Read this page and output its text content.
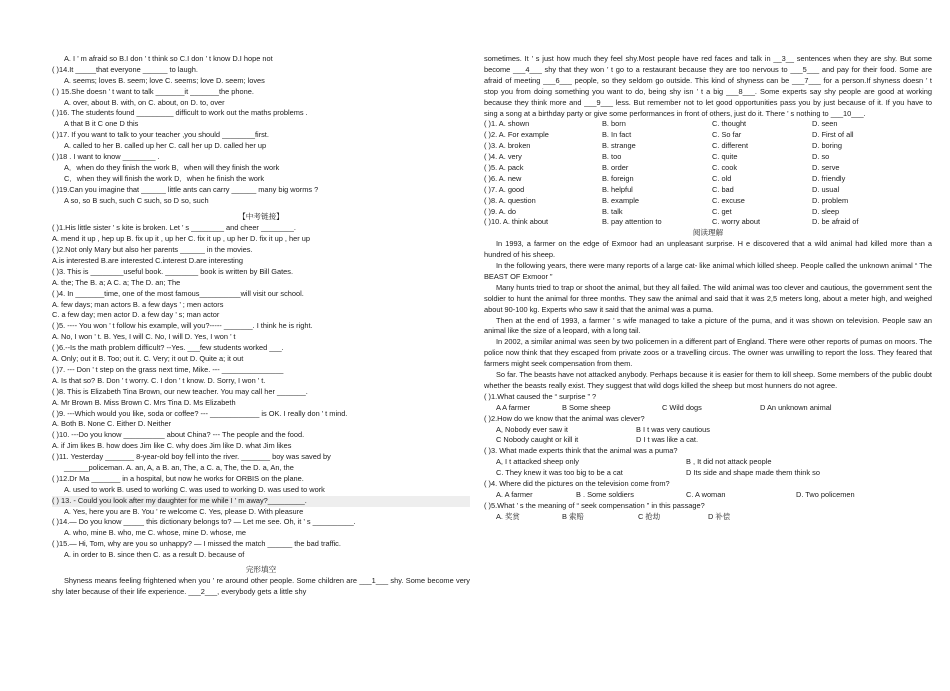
A. I ’ m afraid so B.I don ’ t think so C.I don ’ t know D.I hope not
( )14.It _____that everyone ______ to laugh.
A. seems; loves B. seem; love C. seems; love D. seem; loves
( ) 15.She doesn ’ t want to talk _______it _______the phone.
A. over, about B. with, on C. about, on D. to, over
( )16. The students found _________ difficult to work out the maths problems .
A that B it C one D this
( )17. If you want to talk to your teacher ,you should ________first.
A. called to her B. called up her C. call her up D. called her up
( )18 . I want to know ________ .
A．when do they finish the work B．when will they finish the work
C．when they will finish the work D．when he finish the work
( )19.Can you imagine that ______ little ants can carry ______ many big worms ?
A so, so B such, such C such, so D so, such
【中考链接】
( )1.His little sister ’ s kite is broken. Let ’ s ________ and cheer ________.
A. mend it up , hep up B. fix up it , up her C. fix it up , up her D. fix it up , her up
( )2.Not only Mary but also her parents ______ in the movies.
A.is interested B.are interested C.interest D.are interesting
( )3. This is ________useful book. ________ book is written by Bill Gates.
A. the; The B. a; A C. a; The D. an; The
( )4. In _______time, one of the most famous__________will visit our school.
A. few days; man actors B. a few days ’ ; men actors
C. a few day; men actor D. a few day ’ s; man actor
( )5. ---- You won ’ t follow his example, will you?----- _______. I think he is right.
A. No, I won ’ t. B. Yes, I will C. No, I will D. Yes, I won ’ t
( )6.--Is the math problem difficult? --Yes. ___few students worked ___.
A. Only; out it B. Too; out it. C. Very; it out D. Quite a; it out
( )7. --- Don ’ t step on the grass next time, Mike. --- _______________
A. Is that so? B. Don ’ t worry. C. I don ’ t know. D. Sorry, I won ’ t.
( )8. This is Elizabeth Tina Brown, our new teacher. You may call her _______.
A. Mr Brown B. Miss Brown C. Mrs Tina D. Ms Elizabeth
( )9. ---Which would you like, soda or coffee? --- ____________ is OK. I really don ’ t mind.
A. Both B. None C. Either D. Neither
( )10. ---Do you know __________ about China? --- The people and the food.
A. if Jim likes B. how does Jim like C. why does Jim like D. what Jim likes
( )11. Yesterday _______ 8-year-old boy fell into the river. _______ boy was saved by
______policeman. A. an, A, a B. an, The, a C. a, The, the D. a, An, the
( )12.Dr Ma _______ in a hospital, but now he works for ORBIS on the plane.
A. used to work B. used to working C. was used to working D. was used to work
( ) 13. - Could you look after my daughter for me while I ’ m away?_________.
A. Yes, here you are B. You ’ re welcome C. Yes, please D. With pleasure
( )14.— Do you know _____ this dictionary belongs to? — Let me see. Oh, it ’ s __________.
A. who, mine B. who, me C. whose, mine D. whose, me
( )15.— Hi, Tom, why are you so unhappy? — I missed the match ______ the bad traffic.
A. in order to B. since then C. as a result D. because of
完形填空
Shyness means feeling frightened when you ’ re around other people. Some children are ___1___ shy. Some become very shy later because of their life experience. ___2___, everybody gets a little shy
sometimes. It ’ s just how much they feel shy.Most people have red faces and talk in __3__ sentences when they are shy. But some become ___4___ shy that they won ’ t go to a restaurant because they are too nervous to ___5___ and pay for their food. Some are afraid of meeting ___6___ people, so they seldom go outside. This kind of shyness can be ___7___ for a person.If shyness doesn ’ t stop you from doing something you want to do, being shy isn ’ t a big ___8___. Some experts say shy people are good at working because they think more and ___9___ less. But remember not to let good opportunities pass you by just because of it. If you have to sing a song at a birthday party or give some performances in front of others, just do it. There ’ s nothing to ___10___.
( )1. A. shown	B. born	C. thought	D. seen
( )2. A. For example	B. In fact	C. So far	D. First of all
( )3. A. broken	B. strange	C. different	D. boring
( )4. A. very	B. too	C. quite	D. so
( )5. A. pack	B. order	C. cook	D. serve
( )6. A. new	B. foreign	C. old	D. friendly
( )7. A. good	B. helpful	C. bad	D. usual
( )8. A. question	B. example	C. excuse	D. problem
( )9. A. do	B. talk	C. get	D. sleep
( )10. A. think about	B. pay attention to	C. worry about	D. be afraid of
阅读理解
In 1993, a farmer on the edge of Exmoor had an unpleasant surprise. H e discovered that a wild animal had killed more than a hundred of his sheep.
In the following years, there were many reports of a large cat- like animal which killed sheep. People called the unknown animal “ The BEAST OF Exmoor ”
Many hunts tried to trap or shoot the animal, but they all failed. The wild animal was too clever and cautious, the government sent the soldier to hunt the animal for three months. They saw the animal and said that it was 2,5 meters long, about a meter high, and weighed about 90-100 kg. Experts who saw it said that the animal was a puma.
Then at the end of 1993, a farmer ’ s wife managed to take a picture of the puma, and it was shown on television. People saw an animal like the size of a leopard, with a long tail.
In 2002, a similar animal was seen by two policemen in a different part of England. There were other reports of pumas on moors. The police now think that they escaped from private zoos or a travelling circus. The owner was unwilling to report the loss. They feared that farmers might seek compensation from them.
So far. The beasts have not attacked anybody. Perhaps because it is easier for them to kill sheep. Some members of the public doubt whether the beasts really exist. They suggest that wild dogs killed the sheep but most hunners do not agree.
( )1.What caused the “ surprise ” ?
A A farmer	B Some sheep	C Wild dogs	D An unknown animal
( )2.How do we know that the animal was clever?
A, Nobody ever saw it	B I t was very cautious
C Nobody caught or kill it	D I t was like a cat.
( )3. What made experts think that the animal was a puma?
A, I t attacked sheep only	B , It did not attack people
C. They knew it was too big to be a cat	D Its side and shape made them think so
( )4. Where did the pictures on the television come from?
A. A farmer	B . Some soldiers	C. A woman	D. Two policemen
( )5.What ’ s the meaning of “ seek compensation ” in this passage?
A. 奖赏	B 索赔	C 抢劫	D 补偿
